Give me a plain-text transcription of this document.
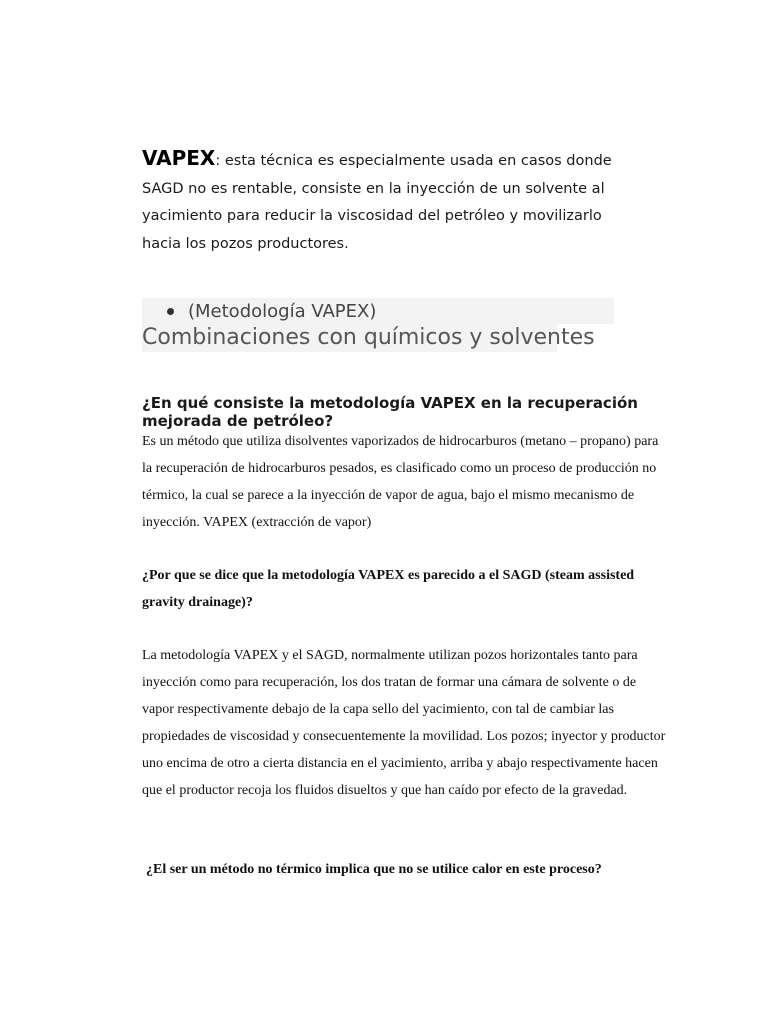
VAPEX: esta técnica es especialmente usada en casos donde SAGD no es rentable, consiste en la inyección de un solvente al yacimiento para reducir la viscosidad del petróleo y movilizarlo hacia los pozos productores.
(Metodología VAPEX)
Combinaciones con químicos y solventes
¿En qué consiste la metodología VAPEX en la recuperación mejorada de petróleo?
Es un método que utiliza disolventes vaporizados de hidrocarburos (metano – propano) para la recuperación de hidrocarburos pesados, es clasificado como un proceso de producción no térmico, la cual se parece a la inyección de vapor de agua, bajo el mismo mecanismo de inyección. VAPEX (extracción de vapor)
¿Por que se dice que la metodología VAPEX es parecido a el SAGD (steam assisted gravity drainage)?
La metodología VAPEX y el SAGD, normalmente utilizan pozos horizontales tanto para inyección como para recuperación, los dos tratan de formar una cámara de solvente o de vapor respectivamente debajo de la capa sello del yacimiento, con tal de cambiar las propiedades de viscosidad y consecuentemente la movilidad. Los pozos; inyector y productor uno encima de otro a cierta distancia en el yacimiento, arriba y abajo respectivamente hacen que el productor recoja los fluidos disueltos y que han caído por efecto de la gravedad.
¿El ser un método no térmico implica que no se utilice calor en este proceso?
